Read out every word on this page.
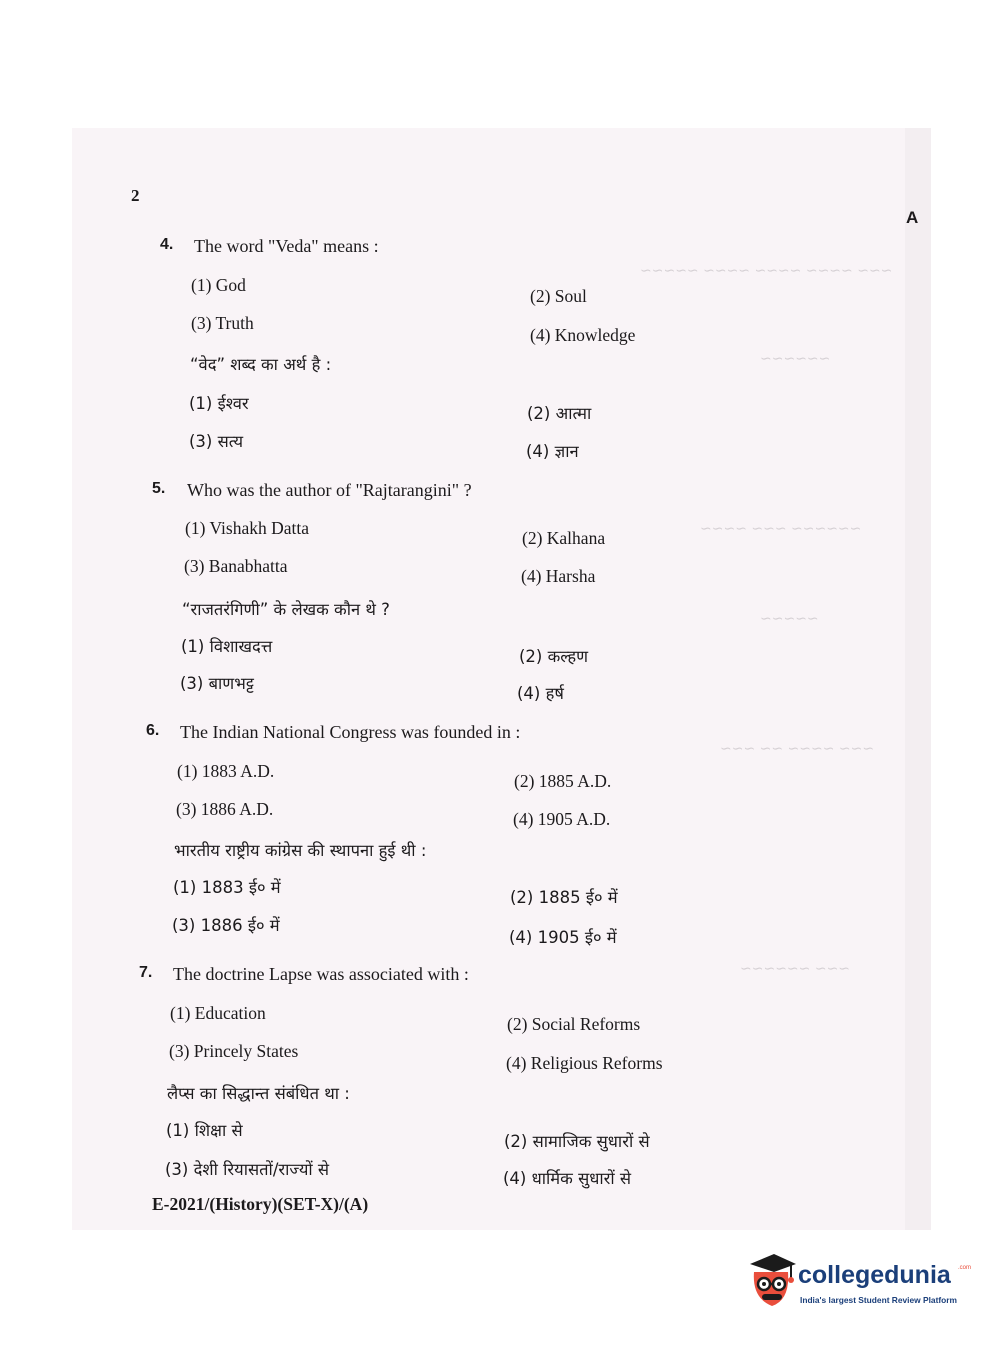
~~~~~ ~~~~ ~~~~ ~~~~ ~~~
~~~~~~
~~~~ ~~~ ~~~~~~
~~~~~
~~~ ~~ ~~~~ ~~~
~~~~~~ ~~~
2
A
4. The word "Veda" means :
(1) God
(2) Soul
(3) Truth
(4) Knowledge
“वेद” शब्द का अर्थ है :
(1) ईश्वर
(2) आत्मा
(3) सत्य
(4) ज्ञान
5. Who was the author of "Rajtarangini" ?
(1) Vishakh Datta	(2) Kalhana
(3) Banabhatta	(4) Harsha
“राजतरंगिणी” के लेखक कौन थे ?
(1) विशाखदत्त
(2) कल्हण
(3) बाणभट्ट
(4) हर्ष
6. The Indian National Congress was founded in :
(1) 1883 A.D.	(2) 1885 A.D.
(3) 1886 A.D.	(4) 1905 A.D.
भारतीय राष्ट्रीय कांग्रेस की स्थापना हुई थी :
(1) 1883 ई० में
(2) 1885 ई० में
(3) 1886 ई० में
(4) 1905 ई० में
7. The doctrine Lapse was associated with :
(1) Education
(2) Social Reforms
(3) Princely States
(4) Religious Reforms
लैप्स का सिद्धान्त संबंधित था :
(1) शिक्षा से
(2) सामाजिक सुधारों से
(3) देशी रियासतों/राज्यों से	(4) धार्मिक सुधारों से
E-2021/(History)(SET-X)/(A)
collegedunia .com
India's largest Student Review Platform
